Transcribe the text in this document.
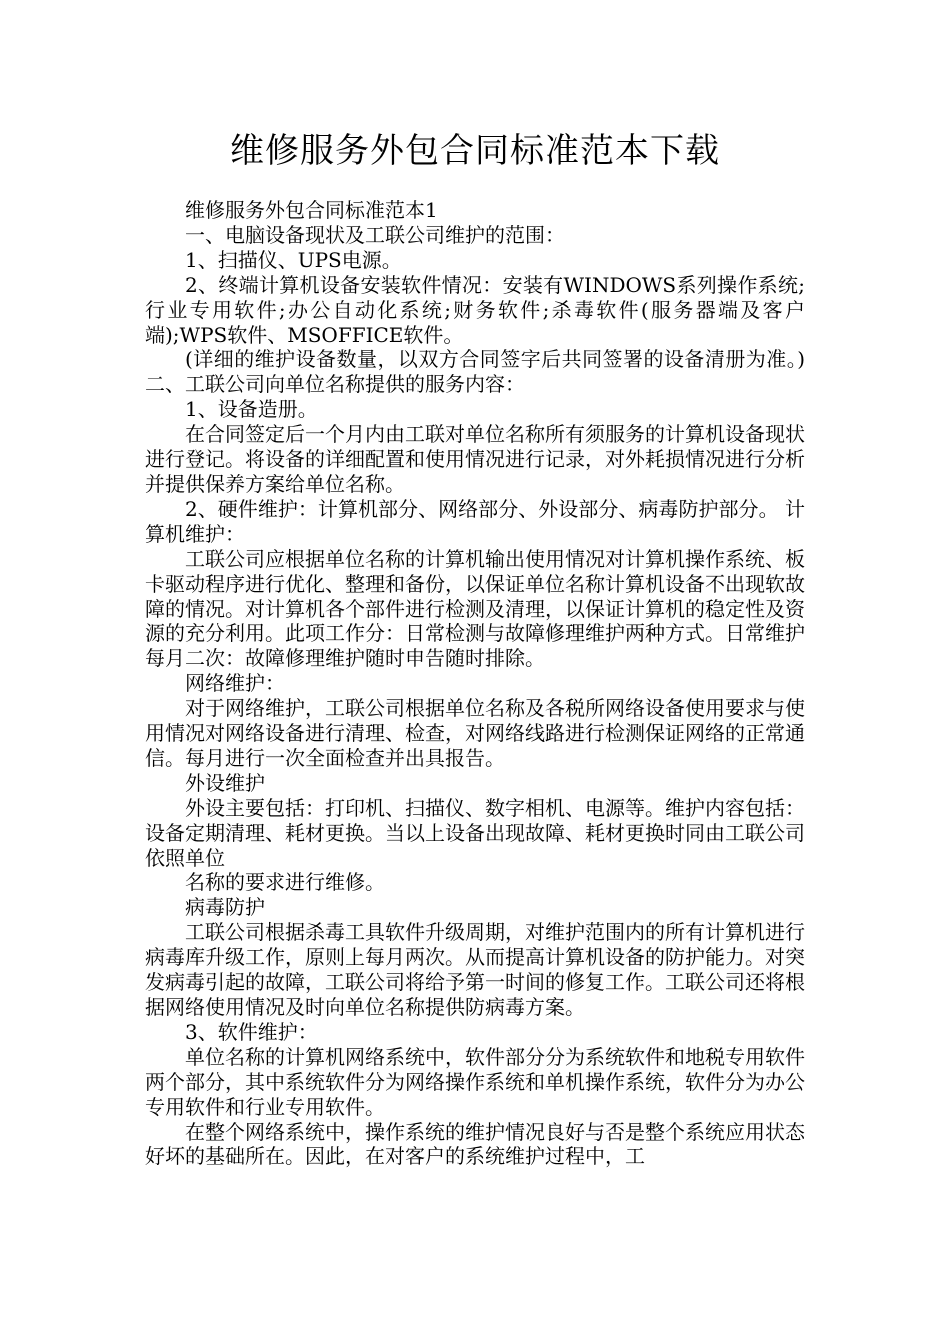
维修服务外包合同标准范本下载

维修服务外包合同标准范本1

一、电脑设备现状及工联公司维护的范围：

1、扫描仪、UPS电源。

2、终端计算机设备安装软件情况：安装有WINDOWS系列操作系统;行业专用软件;办公自动化系统;财务软件;杀毒软件(服务器端及客户端);WPS软件、MSOFFICE软件。

(详细的维护设备数量，以双方合同签字后共同签署的设备清册为准。) 二、工联公司向单位名称提供的服务内容：

1、设备造册。

在合同签定后一个月内由工联对单位名称所有须服务的计算机设备现状进行登记。将设备的详细配置和使用情况进行记录，对外耗损情况进行分析并提供保养方案给单位名称。

2、硬件维护：计算机部分、网络部分、外设部分、病毒防护部分。 计算机维护：

工联公司应根据单位名称的计算机输出使用情况对计算机操作系统、板卡驱动程序进行优化、整理和备份，以保证单位名称计算机设备不出现软故障的情况。对计算机各个部件进行检测及清理，以保证计算机的稳定性及资源的充分利用。此项工作分：日常检测与故障修理维护两种方式。日常维护每月二次：故障修理维护随时申告随时排除。

网络维护：

对于网络维护，工联公司根据单位名称及各税所网络设备使用要求与使用情况对网络设备进行清理、检查，对网络线路进行检测保证网络的正常通信。每月进行一次全面检查并出具报告。

外设维护

外设主要包括：打印机、扫描仪、数字相机、电源等。维护内容包括：设备定期清理、耗材更换。当以上设备出现故障、耗材更换时同由工联公司依照单位

名称的要求进行维修。

病毒防护

工联公司根据杀毒工具软件升级周期，对维护范围内的所有计算机进行病毒库升级工作，原则上每月两次。从而提高计算机设备的防护能力。对突发病毒引起的故障，工联公司将给予第一时间的修复工作。工联公司还将根据网络使用情况及时向单位名称提供防病毒方案。

3、软件维护：

单位名称的计算机网络系统中，软件部分分为系统软件和地税专用软件两个部分，其中系统软件分为网络操作系统和单机操作系统，软件分为办公专用软件和行业专用软件。

在整个网络系统中，操作系统的维护情况良好与否是整个系统应用状态好坏的基础所在。因此，在对客户的系统维护过程中，工
